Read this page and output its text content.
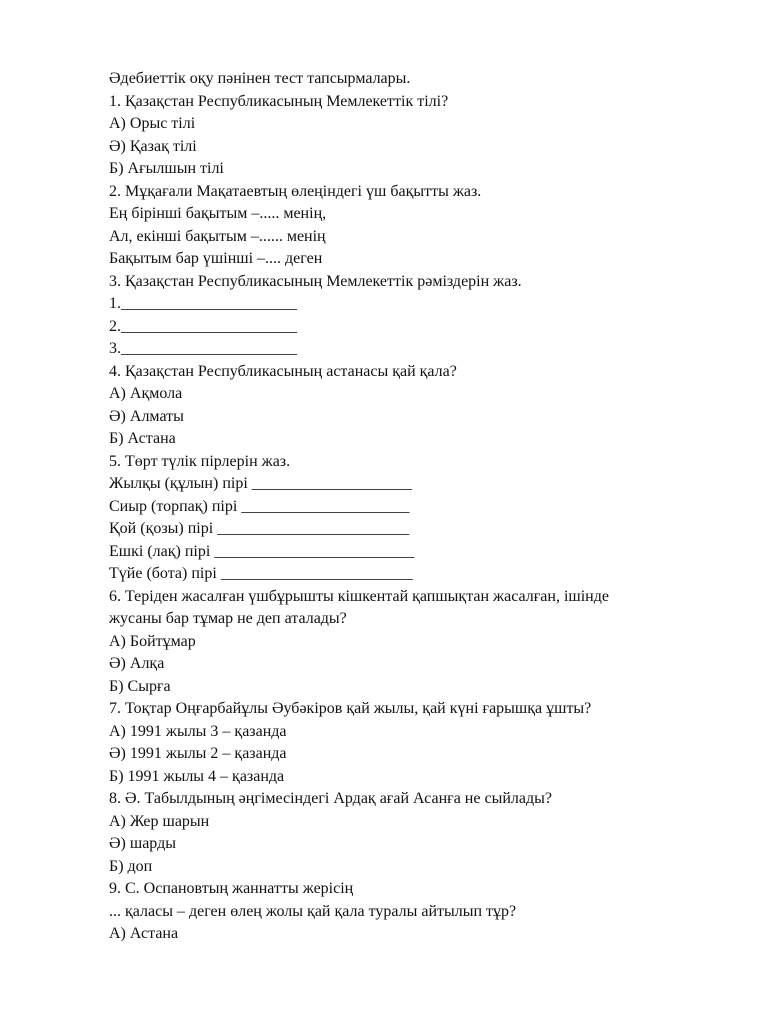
Әдебиеттік оқу пәнінен тест тапсырмалары.

1. Қазақстан Республикасының Мемлекеттік тілі?

А) Орыс тілі

Ә) Қазақ тілі

Б) Ағылшын тілі

2. Мұқағали Мақатаевтың өлеңіндегі үш бақытты жаз.

Ең бірінші бақытым –..... менің,

Ал, екінші бақытым –...... менің

Бақытым бар үшінші –.... деген

3. Қазақстан Республикасының Мемлекеттік рәміздерін жаз.

1.______________________

2.______________________

3.______________________

4. Қазақстан Республикасының астанасы қай қала?

А) Ақмола

Ә) Алматы

Б) Астана

5. Төрт түлік пірлерін жаз.

Жылқы (құлын) пірі ____________________

Сиыр (торпақ) пірі _____________________

Қой (қозы) пірі ________________________

Ешкі (лақ) пірі _________________________

Түйе (бота) пірі ________________________

6. Теріден жасалған үшбұрышты кішкентай қапшықтан жасалған, ішінде

жусаны бар тұмар не деп аталады?

А) Бойтұмар

Ә) Алқа

Б) Сырға

7. Тоқтар Оңғарбайұлы Әубәкіров қай жылы, қай күні ғарышқа ұшты?

А) 1991 жылы 3 – қазанда

Ә) 1991 жылы 2 – қазанда

Б) 1991 жылы 4 – қазанда

8. Ә. Табылдының әңгімесіндегі Ардақ ағай Асанға не сыйлады?

А) Жер шарын

Ә) шарды

Б) доп

9. С. Оспановтың жаннатты жерісің

... қаласы – деген өлең жолы қай қала туралы айтылып тұр?

А) Астана
